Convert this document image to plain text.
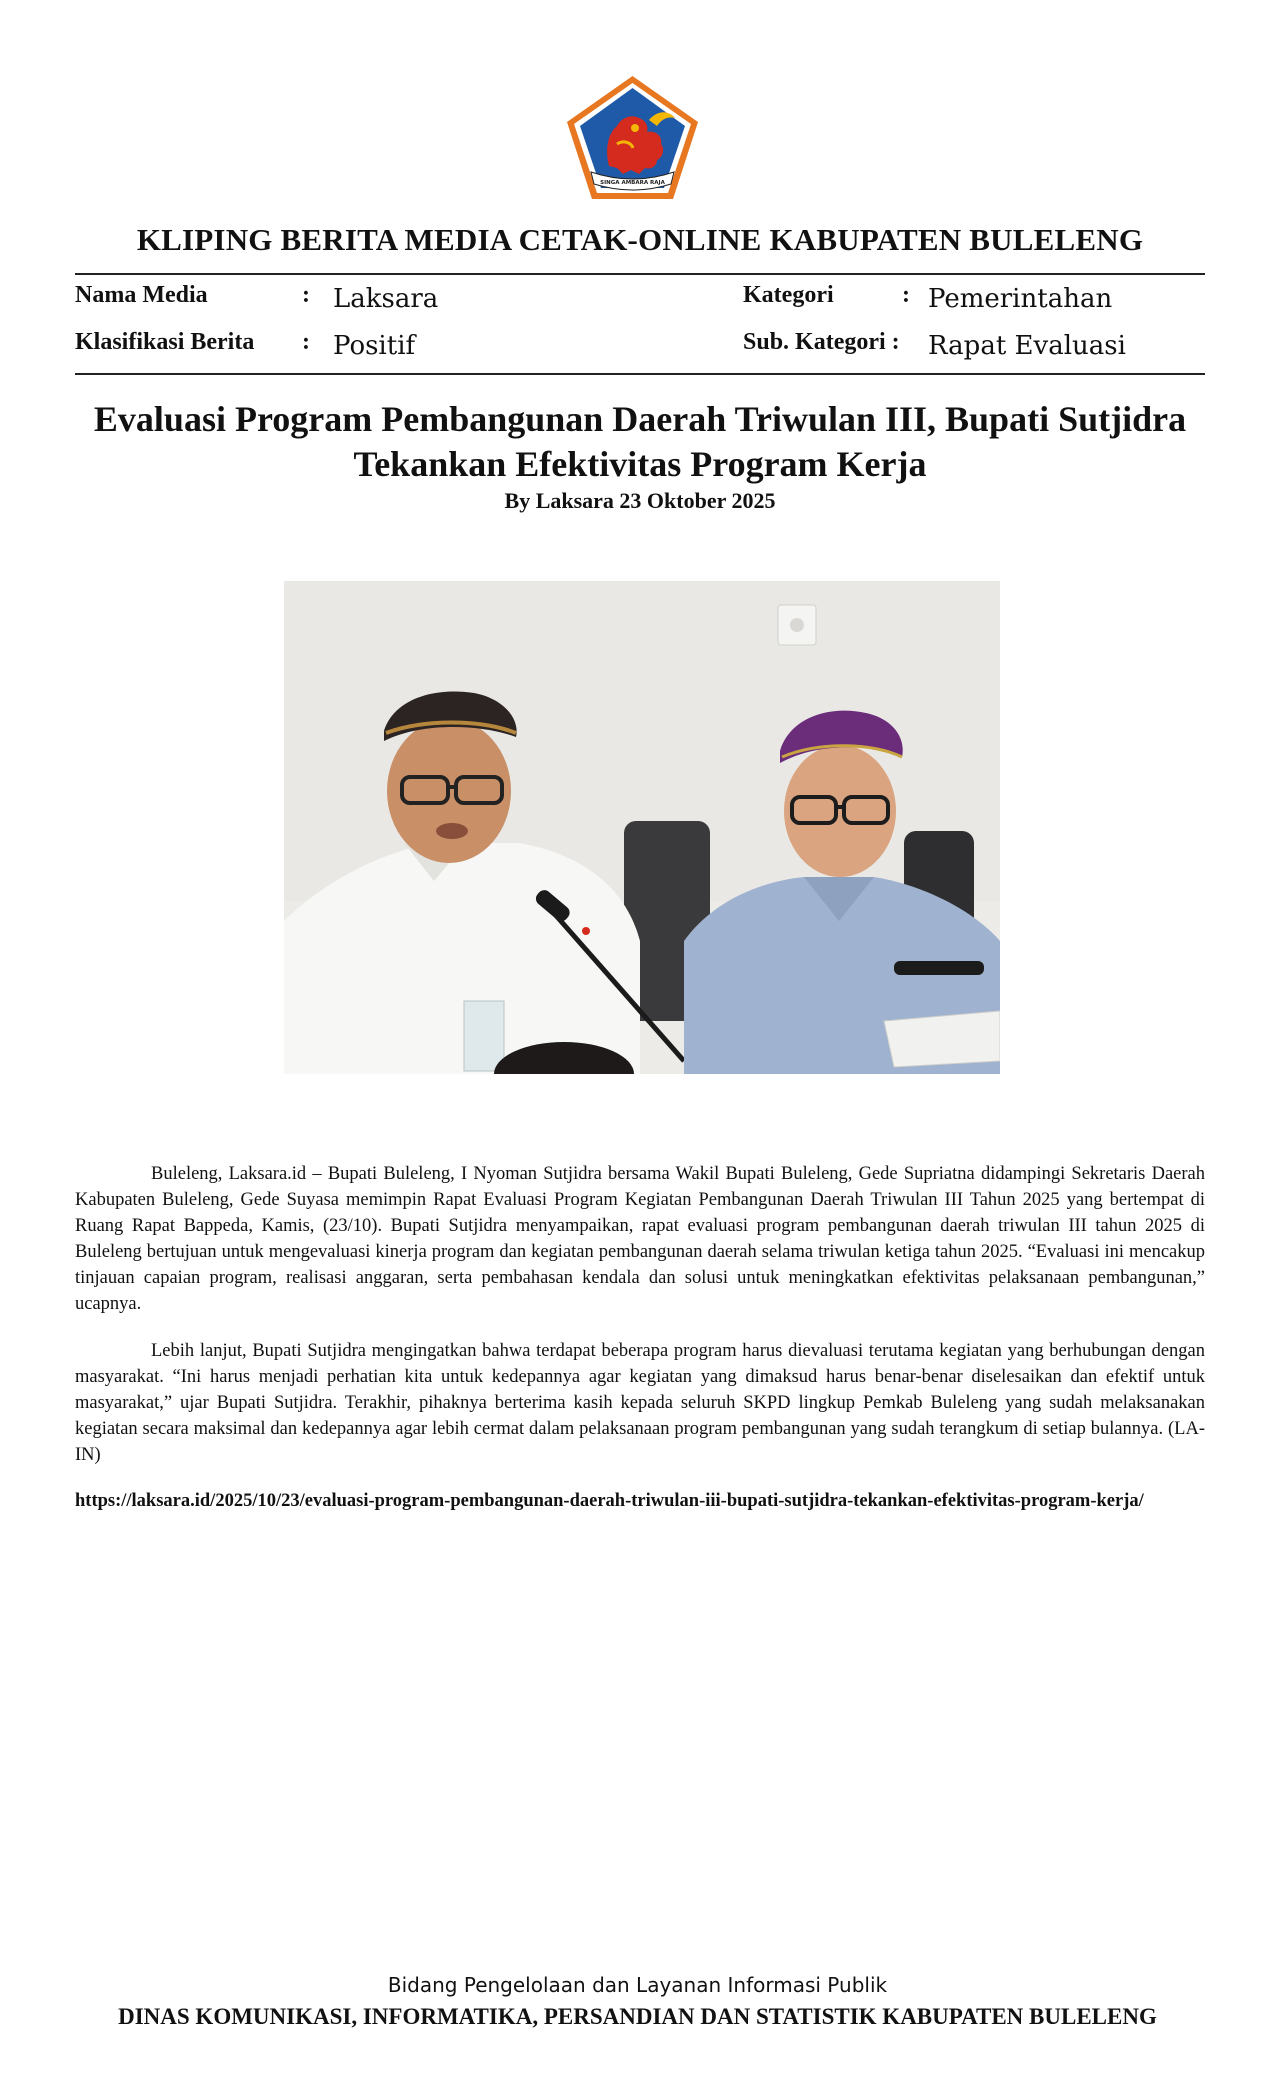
SINGA AMBARA RAJA
KLIPING BERITA MEDIA CETAK-ONLINE KABUPATEN BULELENG
Nama Media	: Laksara
Klasifikasi Berita : Positif
Kategori	: Pemerintahan
Sub. Kategori : Rapat Evaluasi
Evaluasi Program Pembangunan Daerah Triwulan III, Bupati Sutjidra Tekankan Efektivitas Program Kerja
By Laksara 23 Oktober 2025
Buleleng, Laksara.id – Bupati Buleleng, I Nyoman Sutjidra bersama Wakil Bupati Buleleng, Gede Supriatna didampingi Sekretaris Daerah Kabupaten Buleleng, Gede Suyasa memimpin Rapat Evaluasi Program Kegiatan Pembangunan Daerah Triwulan III Tahun 2025 yang bertempat di Ruang Rapat Bappeda, Kamis, (23/10). Bupati Sutjidra menyampaikan, rapat evaluasi program pembangunan daerah triwulan III tahun 2025 di Buleleng bertujuan untuk mengevaluasi kinerja program dan kegiatan pembangunan daerah selama triwulan ketiga tahun 2025. “Evaluasi ini mencakup tinjauan capaian program, realisasi anggaran, serta pembahasan kendala dan solusi untuk meningkatkan efektivitas pelaksanaan pembangunan,” ucapnya.
Lebih lanjut, Bupati Sutjidra mengingatkan bahwa terdapat beberapa program harus dievaluasi terutama kegiatan yang berhubungan dengan masyarakat. “Ini harus menjadi perhatian kita untuk kedepannya agar kegiatan yang dimaksud harus benar-benar diselesaikan dan efektif untuk masyarakat,” ujar Bupati Sutjidra. Terakhir, pihaknya berterima kasih kepada seluruh SKPD lingkup Pemkab Buleleng yang sudah melaksanakan kegiatan secara maksimal dan kedepannya agar lebih cermat dalam pelaksanaan program pembangunan yang sudah terangkum di setiap bulannya. (LA-IN)
https://laksara.id/2025/10/23/evaluasi-program-pembangunan-daerah-triwulan-iii-bupati-sutjidra-tekankan-efektivitas-program-kerja/
Bidang Pengelolaan dan Layanan Informasi Publik
DINAS KOMUNIKASI, INFORMATIKA, PERSANDIAN DAN STATISTIK KABUPATEN BULELENG
